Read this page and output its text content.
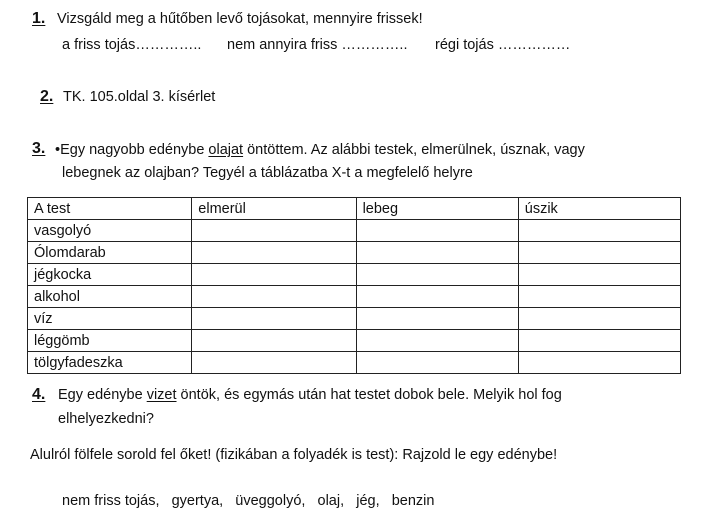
1. Vizsgáld meg a hűtőben levő tojásokat, mennyire frissek!
a friss tojás………….. nem annyira friss ………….. régi tojás ……………
2. TK. 105.oldal 3. kísérlet
3. •Egy nagyobb edénybe olajat öntöttem. Az alábbi testek, elmerülnek, úsznak, vagy
lebegnek az olajban? Tegyél a táblázatba X-t a megfelelő helyre
A test	elmerül	lebeg	úszik
vasgolyó			
Ólomdarab			
jégkocka			
alkohol			
víz			
léggömb			
tölgyfadeszka			
4. Egy edénybe vizet öntök, és egymás után hat testet dobok bele. Melyik hol fog
elhelyezkedni?
Alulról fölfele sorold fel őket! (fizikában a folyadék is test): Rajzold le egy edénybe!
nem friss tojás, gyertya, üveggolyó, olaj, jég, benzin
